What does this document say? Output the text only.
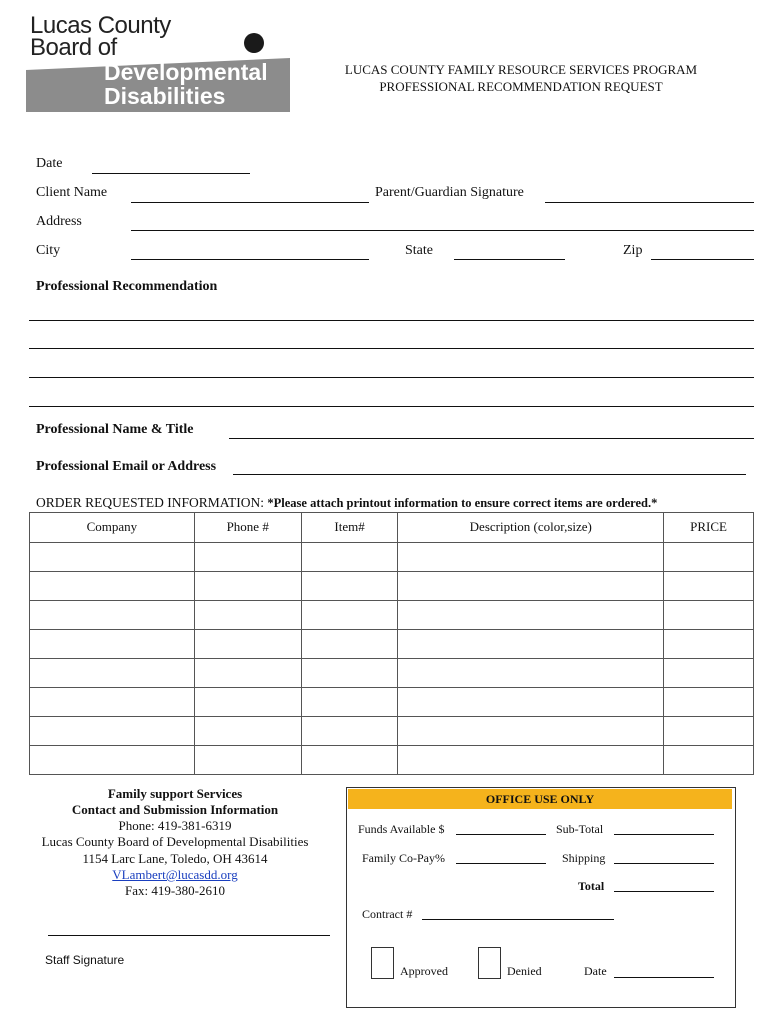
Lucas County
Board of
Developmental
Disabilities
LUCAS COUNTY FAMILY RESOURCE SERVICES PROGRAM
PROFESSIONAL RECOMMENDATION REQUEST
Date
Client Name	Parent/Guardian Signature
Address
City	State	Zip
Professional Recommendation
Professional Name & Title
Professional Email or Address
ORDER REQUESTED INFORMATION: *Please attach printout information to ensure correct items are ordered.*
Company	Phone #	Item#	Description (color,size)	PRICE

Family support Services
Contact and Submission Information
Phone: 419-381-6319
Lucas County Board of Developmental Disabilities
1154 Larc Lane, Toledo, OH 43614
VLambert@lucasdd.org
Fax: 419-380-2610
Staff Signature
OFFICE USE ONLY
Funds Available $	Sub-Total
Family Co-Pay%	Shipping
Total
Contract #
Approved	Denied	Date
